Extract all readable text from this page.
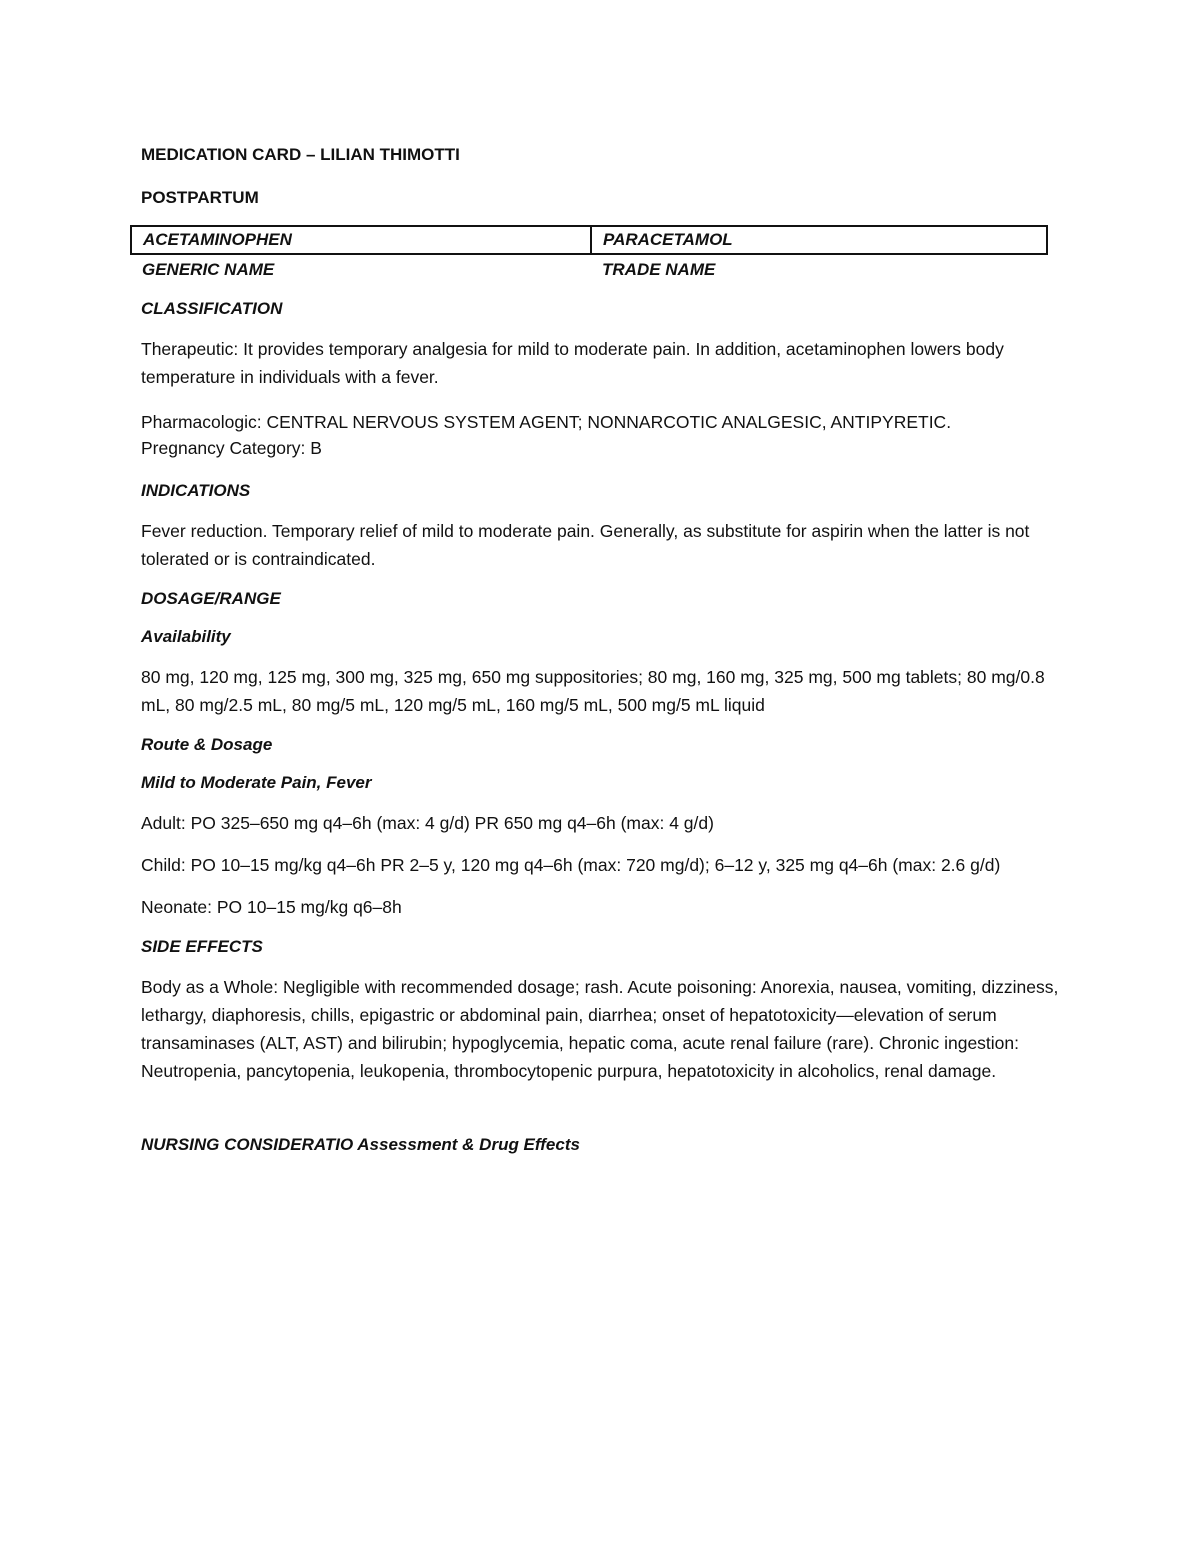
MEDICATION CARD – LILIAN THIMOTTI

POSTPARTUM

ACETAMINOPHEN	PARACETAMOL
GENERIC NAME	TRADE NAME

CLASSIFICATION

Therapeutic: It provides temporary analgesia for mild to moderate pain. In addition, acetaminophen lowers body temperature in individuals with a fever.

Pharmacologic: CENTRAL NERVOUS SYSTEM AGENT; NONNARCOTIC ANALGESIC, ANTIPYRETIC.

Pregnancy Category: B

INDICATIONS

Fever reduction. Temporary relief of mild to moderate pain. Generally, as substitute for aspirin when the latter is not tolerated or is contraindicated.

DOSAGE/RANGE

Availability

80 mg, 120 mg, 125 mg, 300 mg, 325 mg, 650 mg suppositories; 80 mg, 160 mg, 325 mg, 500 mg tablets; 80 mg/0.8 mL, 80 mg/2.5 mL, 80 mg/5 mL, 120 mg/5 mL, 160 mg/5 mL, 500 mg/5 mL liquid

Route & Dosage

Mild to Moderate Pain, Fever

Adult: PO 325–650 mg q4–6h (max: 4 g/d) PR 650 mg q4–6h (max: 4 g/d)

Child: PO 10–15 mg/kg q4–6h PR 2–5 y, 120 mg q4–6h (max: 720 mg/d); 6–12 y, 325 mg q4–6h (max: 2.6 g/d)

Neonate: PO 10–15 mg/kg q6–8h

SIDE EFFECTS

Body as a Whole: Negligible with recommended dosage; rash. Acute poisoning: Anorexia, nausea, vomiting, dizziness, lethargy, diaphoresis, chills, epigastric or abdominal pain, diarrhea; onset of hepatotoxicity—elevation of serum transaminases (ALT, AST) and bilirubin; hypoglycemia, hepatic coma, acute renal failure (rare). Chronic ingestion: Neutropenia, pancytopenia, leukopenia, thrombocytopenic purpura, hepatotoxicity in alcoholics, renal damage.

NURSING CONSIDERATIO Assessment & Drug Effects
